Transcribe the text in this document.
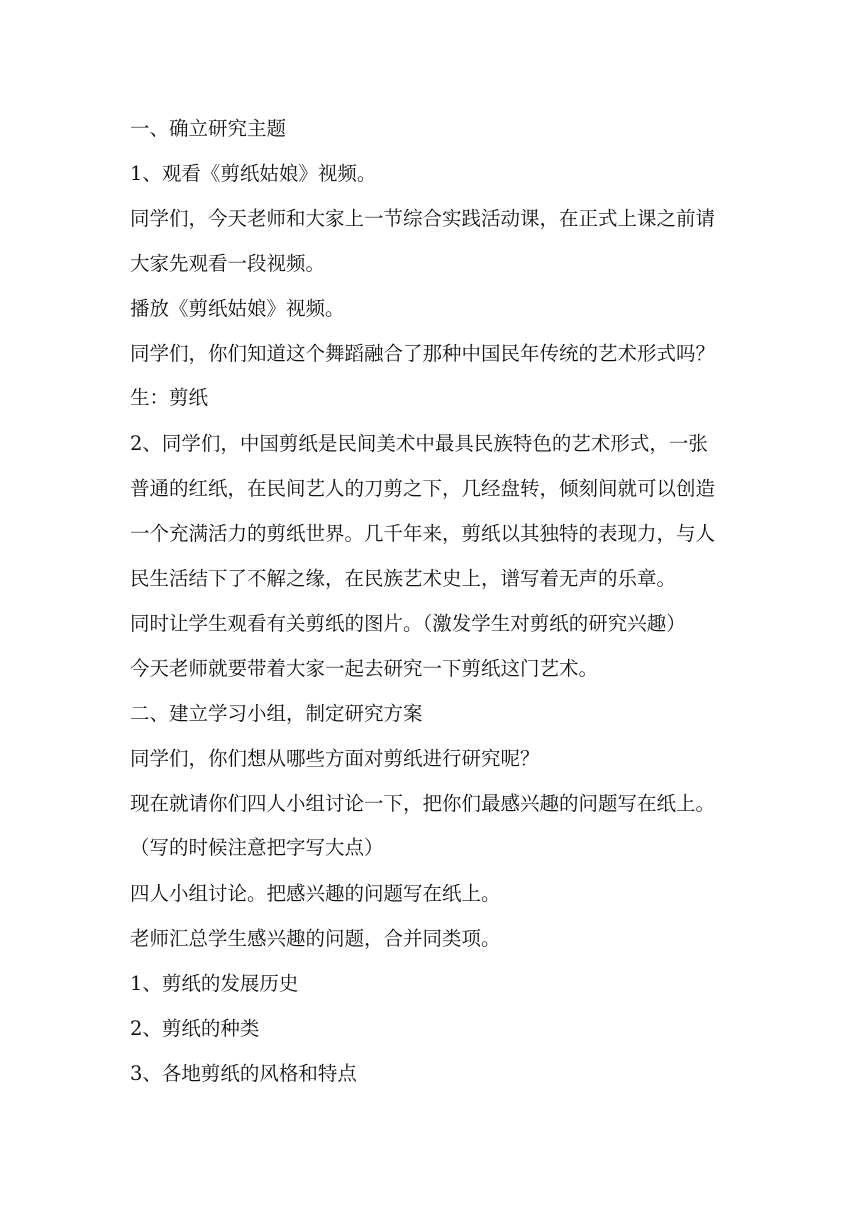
一、确立研究主题
1、观看《剪纸姑娘》视频。
同学们，今天老师和大家上一节综合实践活动课，在正式上课之前请
大家先观看一段视频。
播放《剪纸姑娘》视频。
同学们，你们知道这个舞蹈融合了那种中国民年传统的艺术形式吗？
生：剪纸
2、同学们，中国剪纸是民间美术中最具民族特色的艺术形式，一张
普通的红纸，在民间艺人的刀剪之下，几经盘转，倾刻间就可以创造
一个充满活力的剪纸世界。几千年来，剪纸以其独特的表现力，与人
民生活结下了不解之缘，在民族艺术史上，谱写着无声的乐章。
同时让学生观看有关剪纸的图片。（激发学生对剪纸的研究兴趣）
今天老师就要带着大家一起去研究一下剪纸这门艺术。
二、建立学习小组，制定研究方案
同学们，你们想从哪些方面对剪纸进行研究呢？
现在就请你们四人小组讨论一下，把你们最感兴趣的问题写在纸上。
（写的时候注意把字写大点）
四人小组讨论。把感兴趣的问题写在纸上。
老师汇总学生感兴趣的问题，合并同类项。
1、剪纸的发展历史
2、剪纸的种类
3、各地剪纸的风格和特点
